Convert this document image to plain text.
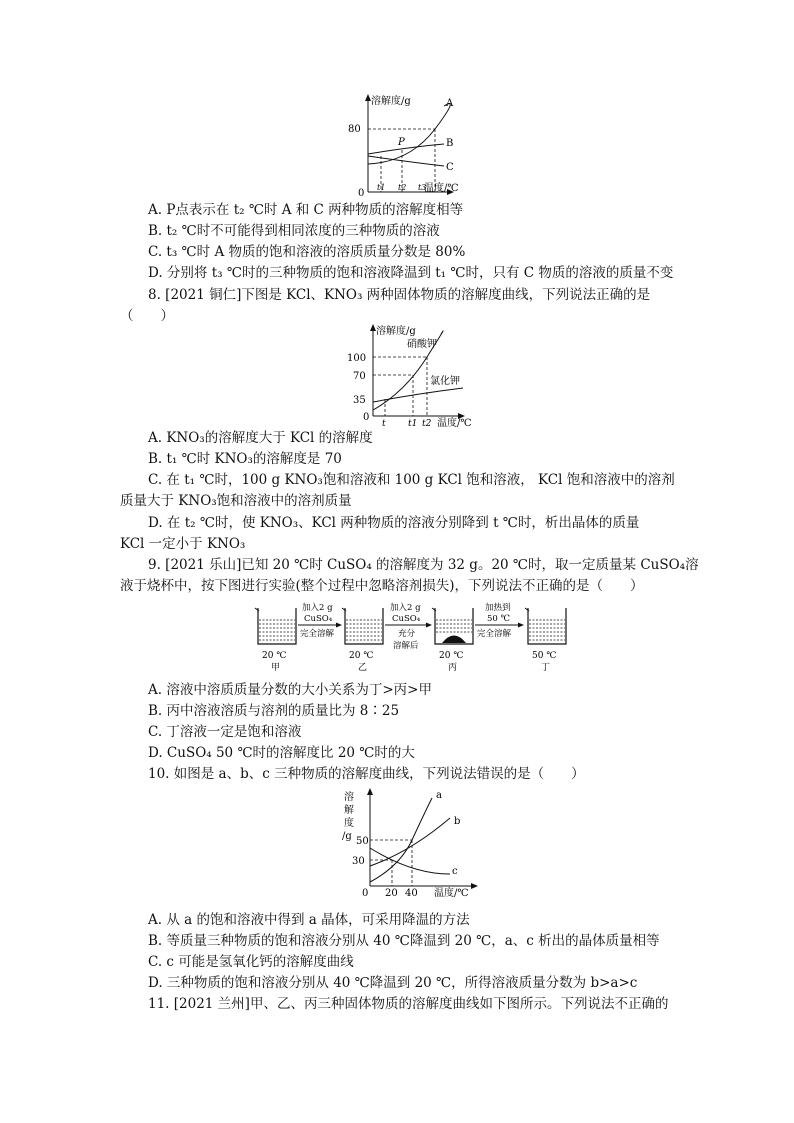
溶解度/g
80
0
A
B
C
P
t1 t2 t3
温度/℃
A. P点表示在 t₂ ℃时 A 和 C 两种物质的溶解度相等
B. t₂ ℃时不可能得到相同浓度的三种物质的溶液
C. t₃ ℃时 A 物质的饱和溶液的溶质质量分数是 80%
D. 分别将 t₃ ℃时的三种物质的饱和溶液降温到 t₁ ℃时，只有 C 物质的溶液的质量不变
8. [2021 铜仁]下图是 KCl、KNO₃ 两种固体物质的溶解度曲线，下列说法正确的是
（　　）
溶解度/g
100
70
35
0
硝酸钾
氯化钾
t t1 t2 温度/℃
A. KNO₃的溶解度大于 KCl 的溶解度
B. t₁ ℃时 KNO₃的溶解度是 70
C. 在 t₁ ℃时，100 g KNO₃饱和溶液和 100 g KCl 饱和溶液， KCl 饱和溶液中的溶剂
质量大于 KNO₃饱和溶液中的溶剂质量
D. 在 t₂ ℃时，使 KNO₃、KCl 两种物质的溶液分别降到 t ℃时，析出晶体的质量
KCl 一定小于 KNO₃
9. [2021 乐山]已知 20 ℃时 CuSO₄ 的溶解度为 32 g。20 ℃时，取一定质量某 CuSO₄溶
液于烧杯中，按下图进行实验(整个过程中忽略溶剂损失)，下列说法不正确的是（　　）
20 ℃
甲
加入2 g
CuSO₄
完全溶解
20 ℃
乙
加入2 g
CuSO₄
充分
溶解后
20 ℃
丙
加热到
50 ℃
完全溶解
50 ℃
丁
A. 溶液中溶质质量分数的大小关系为丁>丙>甲
B. 丙中溶液溶质与溶剂的质量比为 8∶25
C. 丁溶液一定是饱和溶液
D. CuSO₄ 50 ℃时的溶解度比 20 ℃时的大
10. 如图是 a、b、c 三种物质的溶解度曲线，下列说法错误的是（　　）
溶
解
度
/g 50
30
0
a
b
c
20 40 温度/℃
A. 从 a 的饱和溶液中得到 a 晶体，可采用降温的方法
B. 等质量三种物质的饱和溶液分别从 40 ℃降温到 20 ℃，a、c 析出的晶体质量相等
C. c 可能是氢氧化钙的溶解度曲线
D. 三种物质的饱和溶液分别从 40 ℃降温到 20 ℃，所得溶液质量分数为 b>a>c
11. [2021 兰州]甲、乙、丙三种固体物质的溶解度曲线如下图所示。下列说法不正确的
